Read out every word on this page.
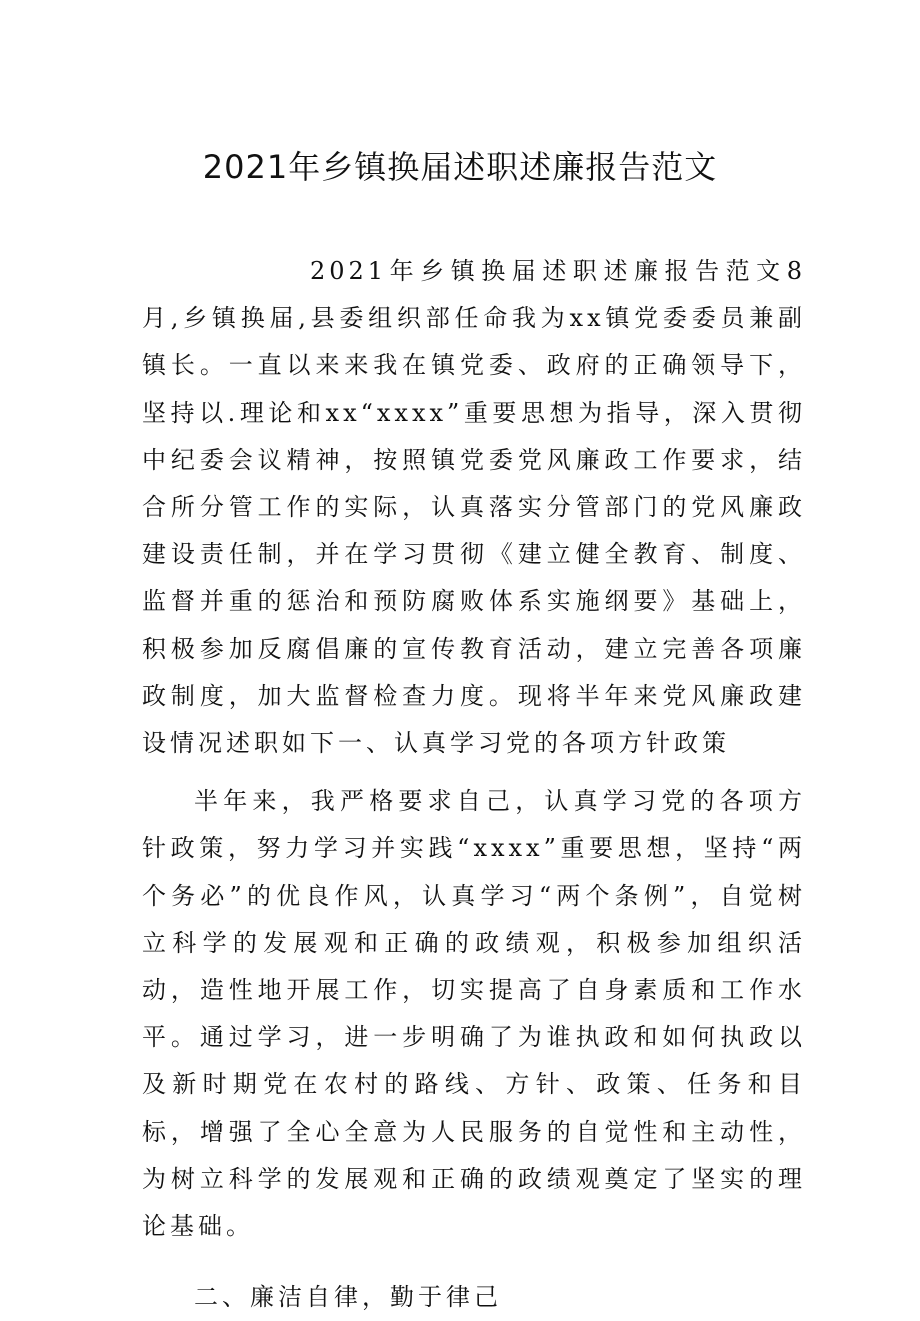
2021年乡镇换届述职述廉报告范文

2021年乡镇换届述职述廉报告范文8月,乡镇换届,县委组织部任命我为xx镇党委委员兼副镇长。一直以来来我在镇党委、政府的正确领导下，坚持以.理论和xx“xxxx”重要思想为指导，深入贯彻中纪委会议精神，按照镇党委党风廉政工作要求，结合所分管工作的实际，认真落实分管部门的党风廉政建设责任制，并在学习贯彻《建立健全教育、制度、监督并重的惩治和预防腐败体系实施纲要》基础上，积极参加反腐倡廉的宣传教育活动，建立完善各项廉政制度，加大监督检查力度。现将半年来党风廉政建设情况述职如下一、认真学习党的各项方针政策

半年来，我严格要求自己，认真学习党的各项方针政策，努力学习并实践“xxxx”重要思想，坚持“两个务必”的优良作风，认真学习“两个条例”，自觉树立科学的发展观和正确的政绩观，积极参加组织活动，造性地开展工作，切实提高了自身素质和工作水平。通过学习，进一步明确了为谁执政和如何执政以及新时期党在农村的路线、方针、政策、任务和目标，增强了全心全意为人民服务的自觉性和主动性，为树立科学的发展观和正确的政绩观奠定了坚实的理论基础。

二、廉洁自律，勤于律己
